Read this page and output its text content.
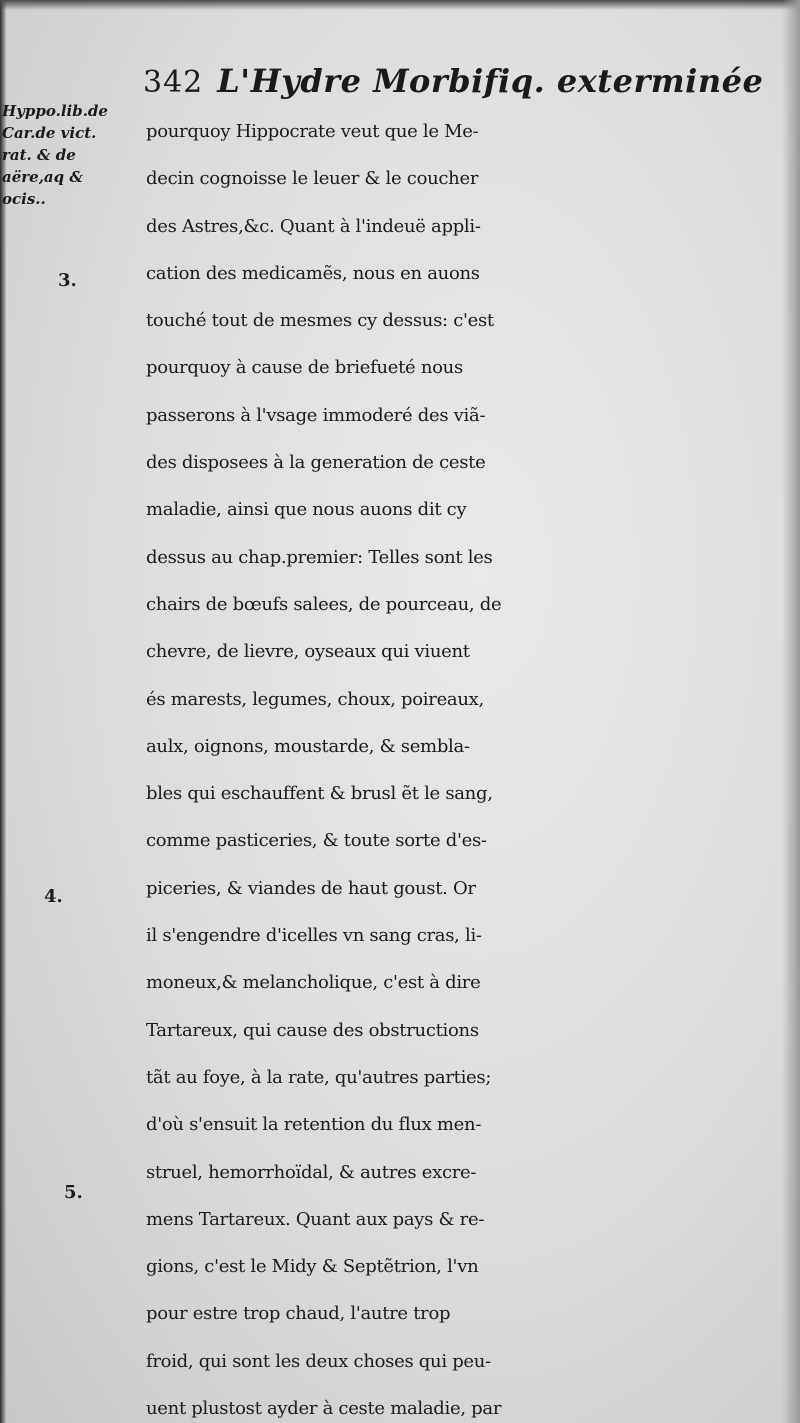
342 L'Hydre Morbifiq. exterminée
Hyppo.lib.de
Car.de vict.
rat. & de
aëre,aq &
ocis..
3.
4.
5.
pourquoy Hippocrate veut que le Me-
decin cognoisse le leuer & le coucher
des Astres,&c. Quant à l'indeuë appli-
cation des medicamẽs, nous en auons
touché tout de mesmes cy dessus: c'est
pourquoy à cause de briefueté nous
passerons à l'vsage immoderé des viã-
des disposees à la generation de ceste
maladie, ainsi que nous auons dit cy
dessus au chap.premier: Telles sont les
chairs de bœufs salees, de pourceau, de
chevre, de lievre, oyseaux qui viuent
és marests, legumes, choux, poireaux,
aulx, oignons, moustarde, & sembla-
bles qui eschauffent & brusl ẽt le sang,
comme pasticeries, & toute sorte d'es-
piceries, & viandes de haut goust. Or
il s'engendre d'icelles vn sang cras, li-
moneux,& melancholique, c'est à dire
Tartareux, qui cause des obstructions
tãt au foye, à la rate, qu'autres parties;
d'où s'ensuit la retention du flux men-
struel, hemorrhoïdal, & autres excre-
mens Tartareux. Quant aux pays & re-
gions, c'est le Midy & Septẽtrion, l'vn
pour estre trop chaud, l'autre trop
froid, qui sont les deux choses qui peu-
uent plustost ayder à ceste maladie, par
